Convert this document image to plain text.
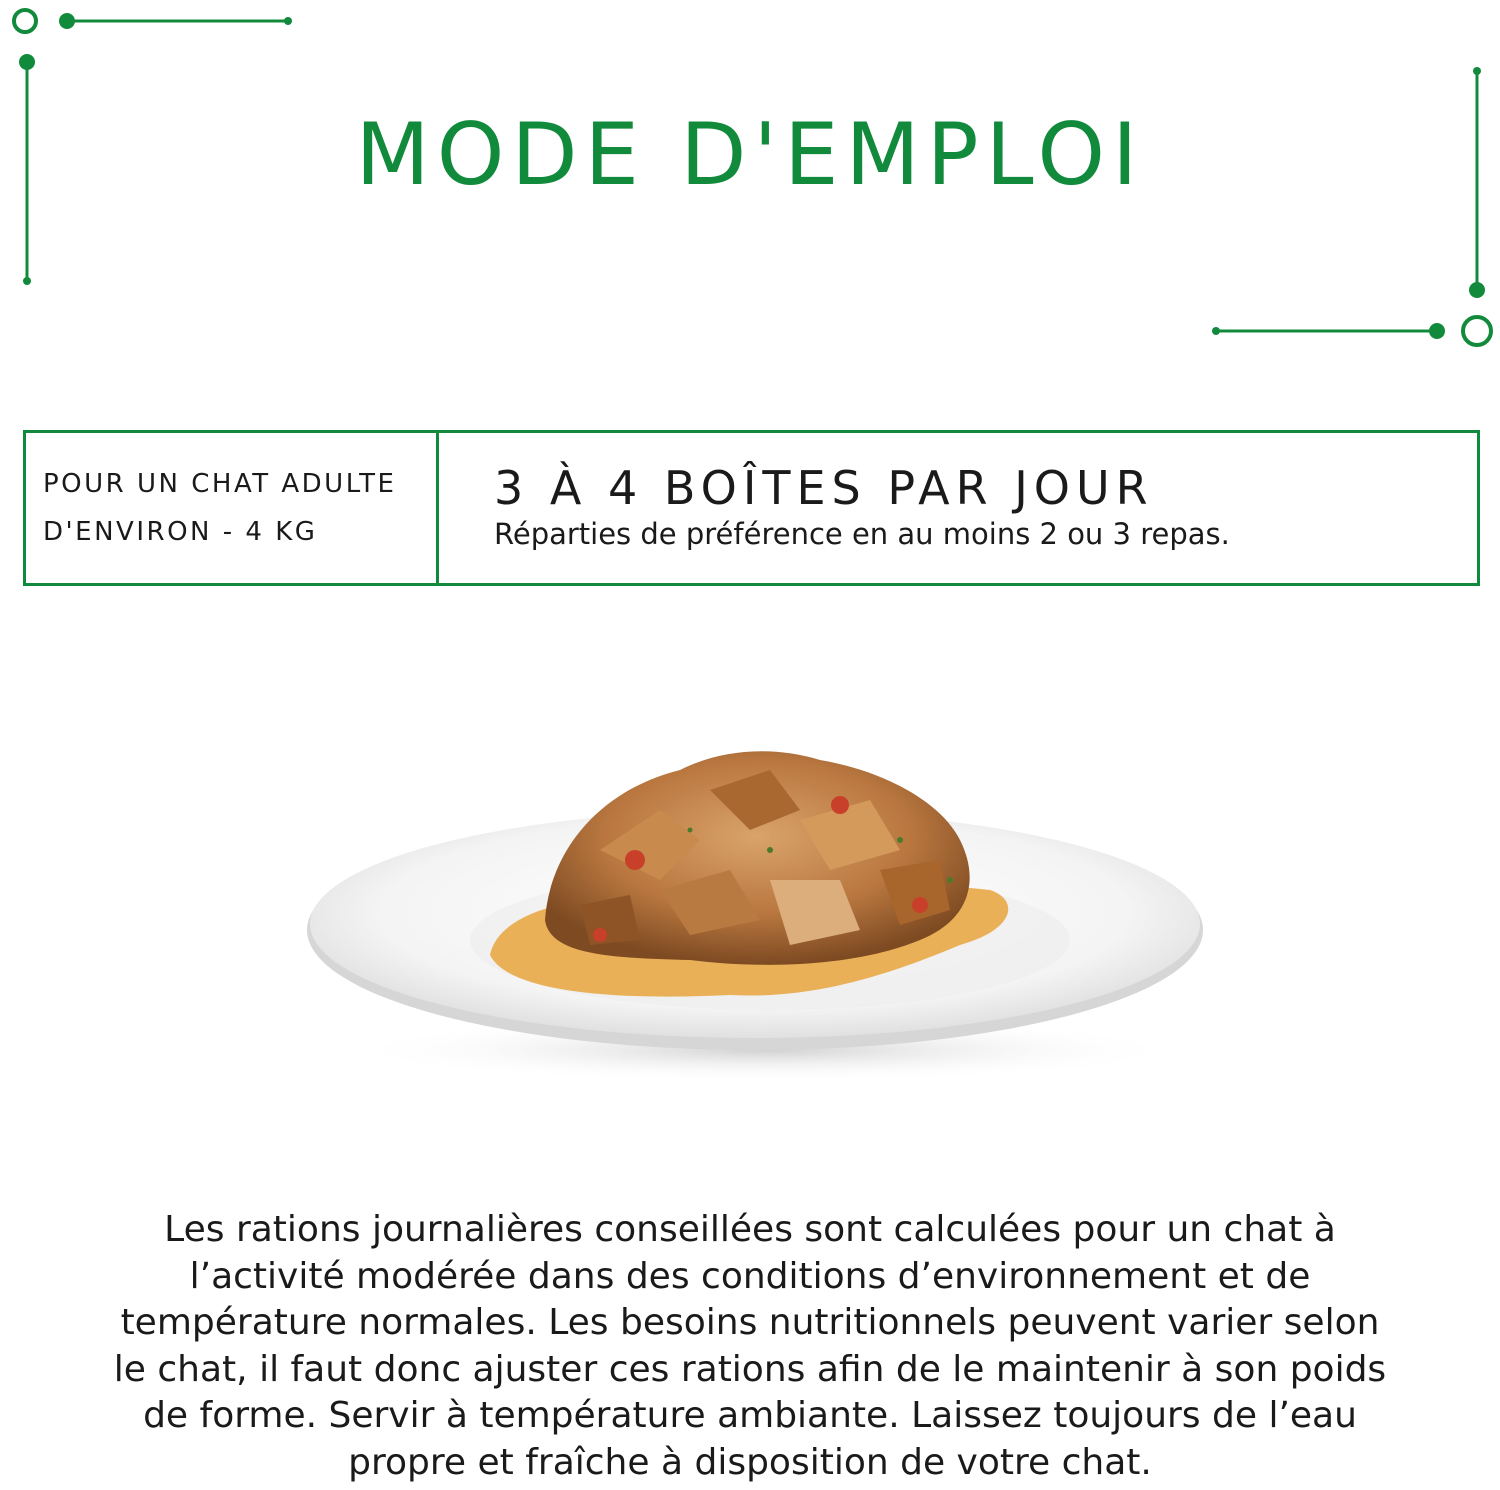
MODE D'EMPLOI
POUR UN CHAT ADULTE
D'ENVIRON - 4 KG
3 À 4 BOÎTES PAR JOUR
Réparties de préférence en au moins 2 ou 3 repas.

Les rations journalières conseillées sont calculées pour un chat à l’activité modérée dans des conditions d’environnement et de température normales. Les besoins nutritionnels peuvent varier selon le chat, il faut donc ajuster ces rations afin de le maintenir à son poids de forme. Servir à température ambiante. Laissez toujours de l’eau propre et fraîche à disposition de votre chat.
